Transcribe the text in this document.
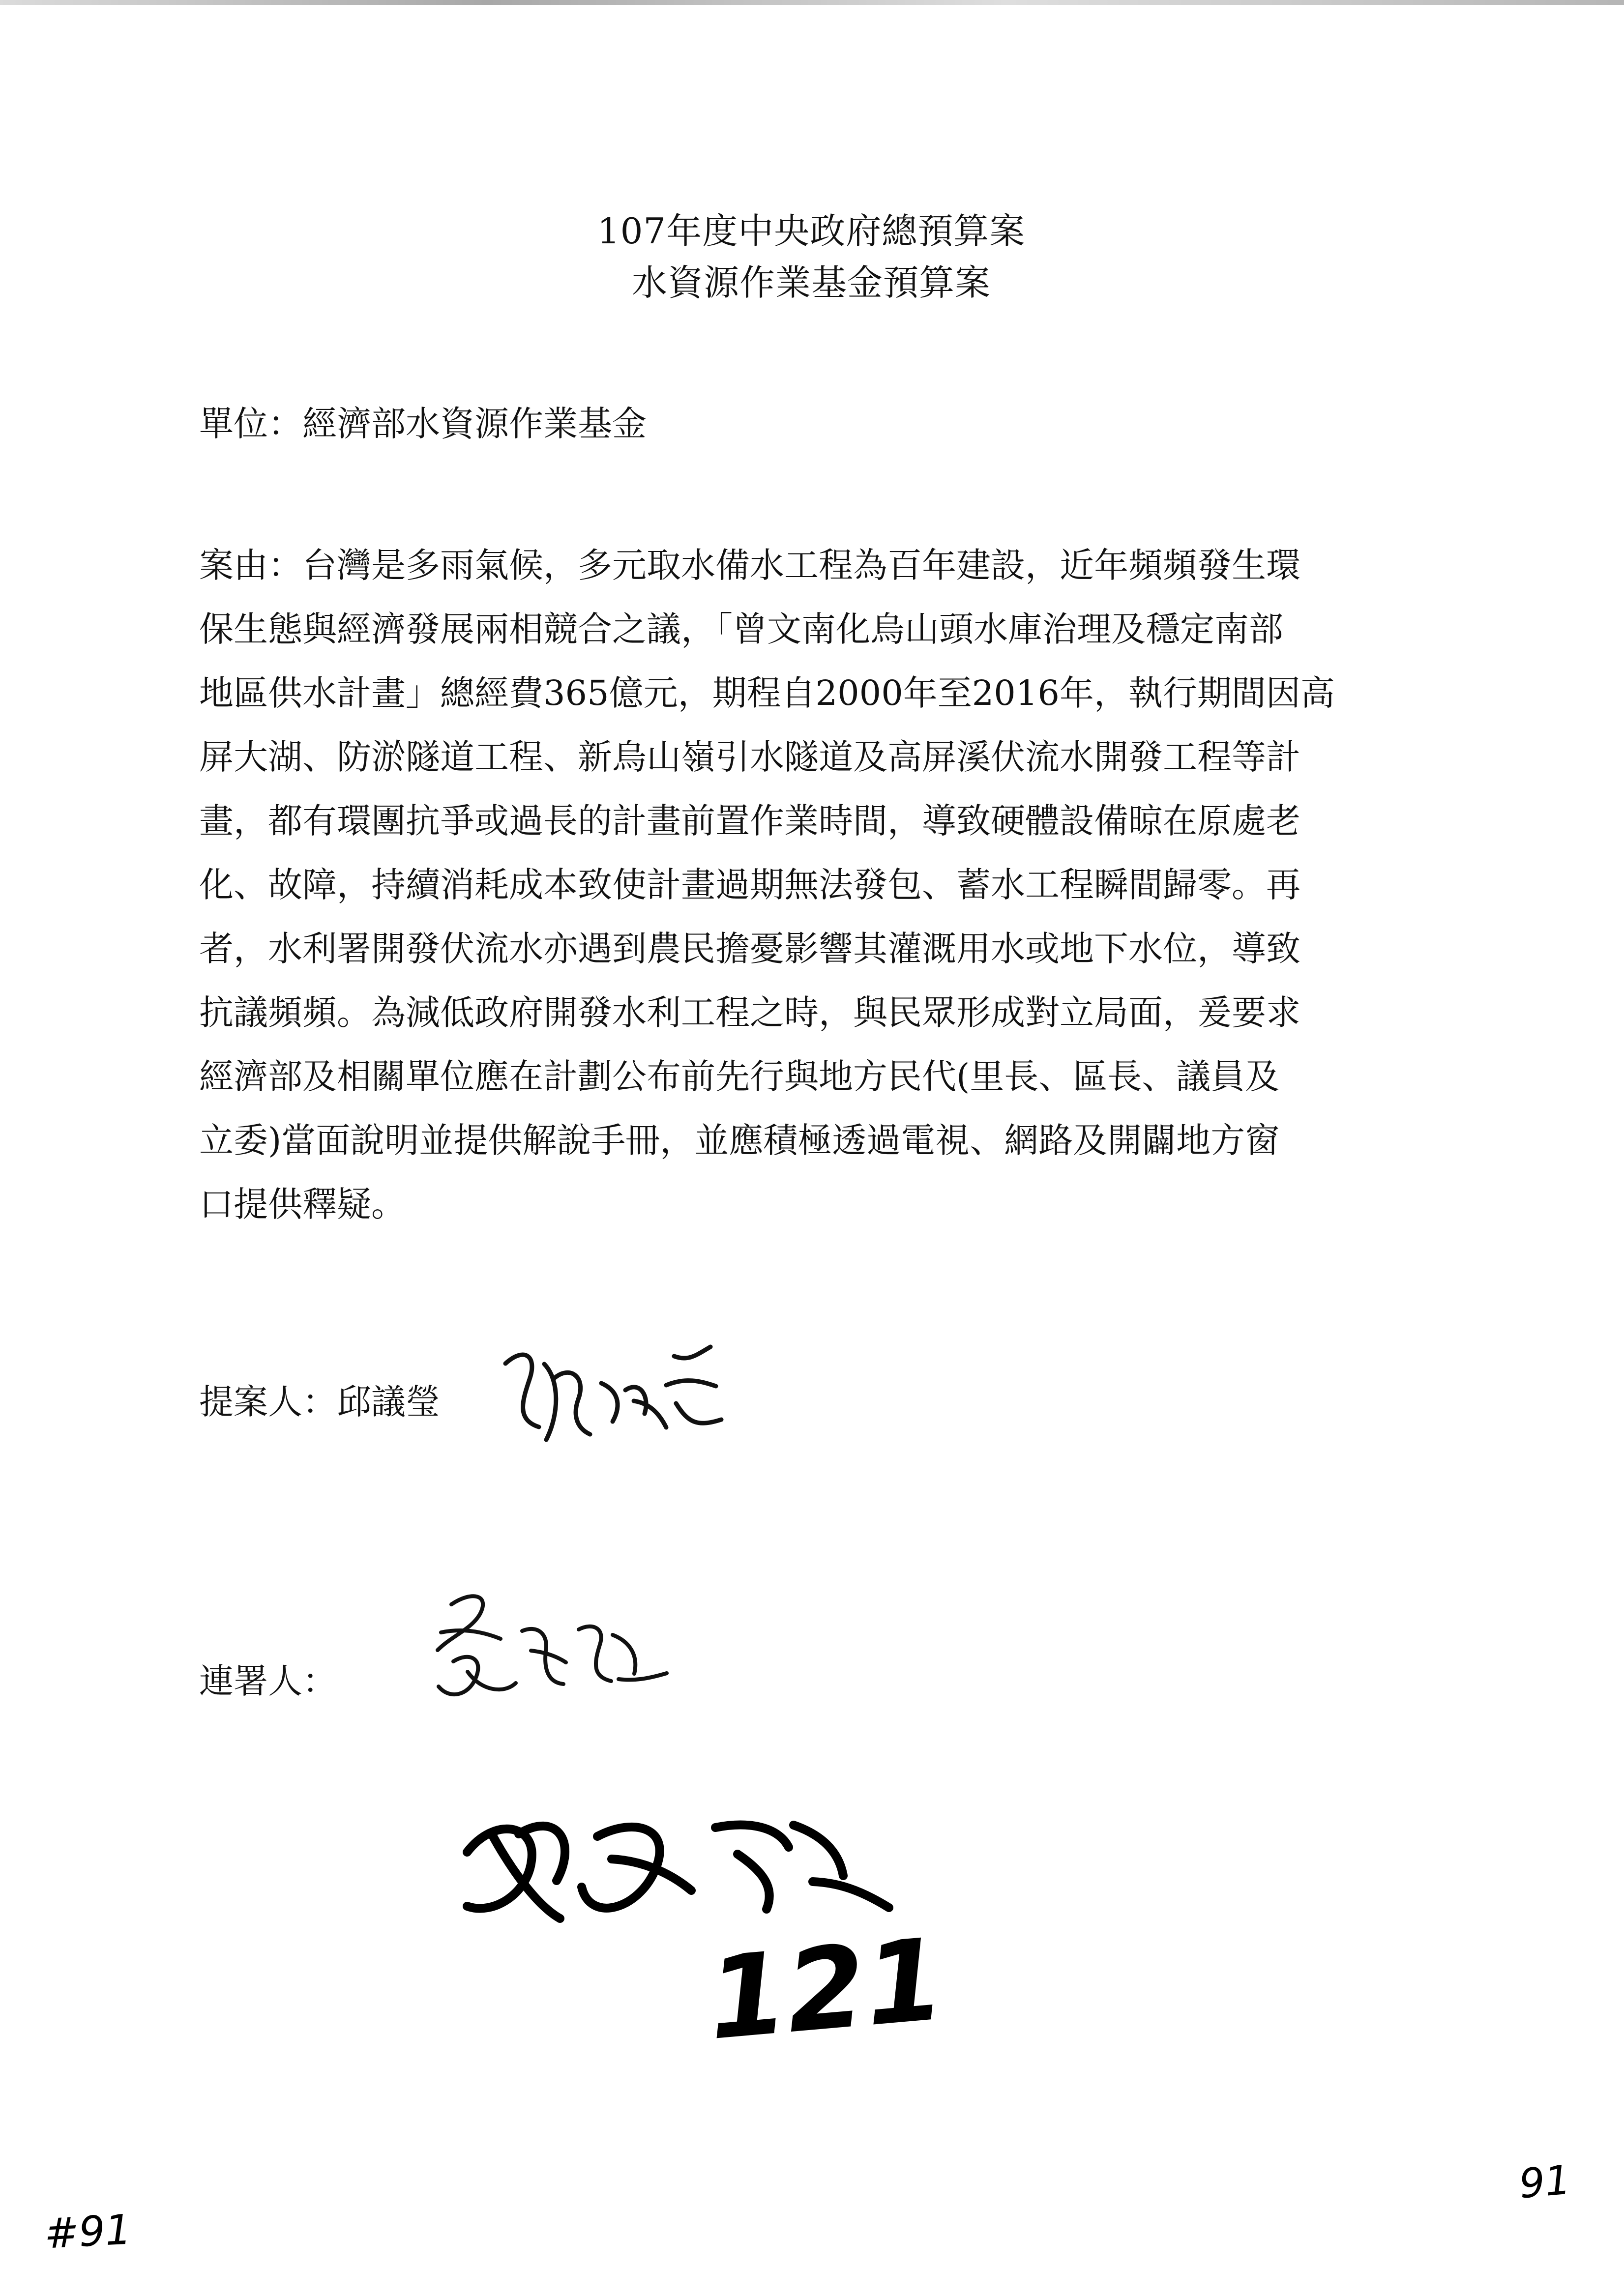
107年度中央政府總預算案
水資源作業基金預算案
單位：經濟部水資源作業基金
案由：台灣是多雨氣候，多元取水備水工程為百年建設，近年頻頻發生環
保生態與經濟發展兩相競合之議，「曾文南化烏山頭水庫治理及穩定南部
地區供水計畫」總經費365億元，期程自2000年至2016年，執行期間因高
屏大湖、防淤隧道工程、新烏山嶺引水隧道及高屏溪伏流水開發工程等計
畫，都有環團抗爭或過長的計畫前置作業時間，導致硬體設備晾在原處老
化、故障，持續消耗成本致使計畫過期無法發包、蓄水工程瞬間歸零。再
者，水利署開發伏流水亦遇到農民擔憂影響其灌溉用水或地下水位，導致
抗議頻頻。為減低政府開發水利工程之時，與民眾形成對立局面，爰要求
經濟部及相關單位應在計劃公布前先行與地方民代(里長、區長、議員及
立委)當面說明並提供解說手冊，並應積極透過電視、網路及開闢地方窗
口提供釋疑。
提案人：邱議瑩
連署人：
121
#91
91
